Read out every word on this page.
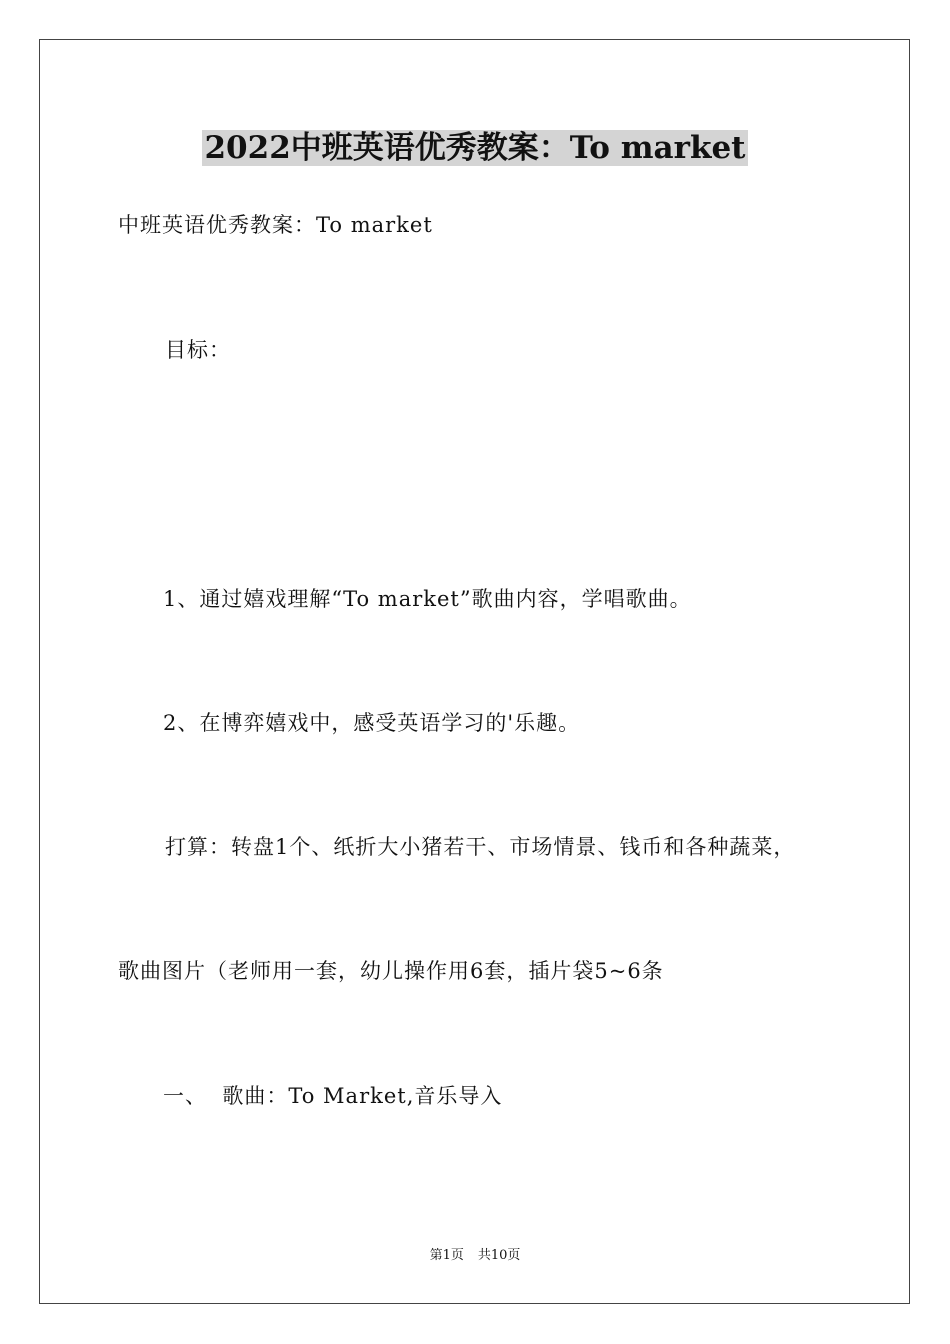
2022中班英语优秀教案：To market
中班英语优秀教案：To market
目标：
1、通过嬉戏理解“To market”歌曲内容，学唱歌曲。
2、在博弈嬉戏中，感受英语学习的'乐趣。
打算：转盘1个、纸折大小猪若干、市场情景、钱币和各种蔬菜，
歌曲图片（老师用一套，幼儿操作用6套，插片袋5~6条
一、  歌曲：To Market,音乐导入
第1页 共10页
